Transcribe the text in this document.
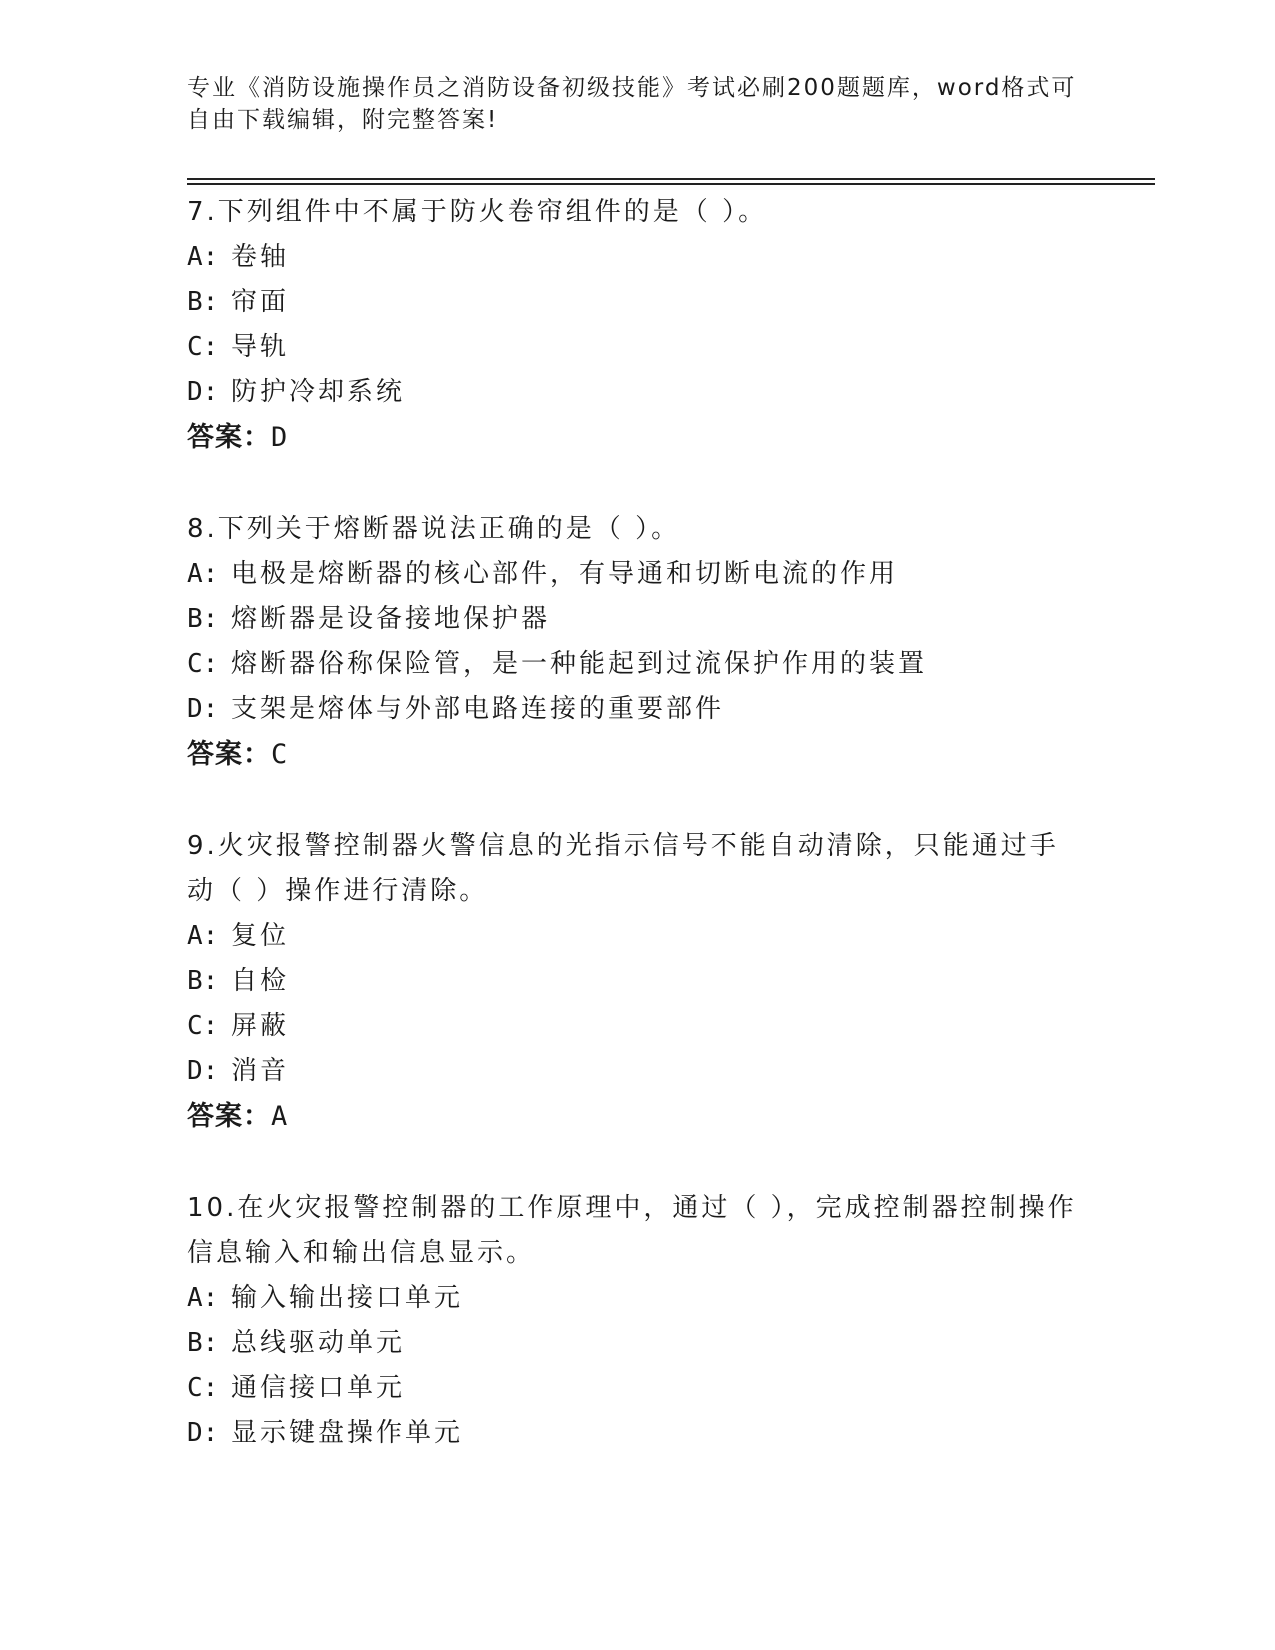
专业《消防设施操作员之消防设备初级技能》考试必刷200题题库，word格式可
自由下载编辑，附完整答案!
7.下列组件中不属于防火卷帘组件的是（ ）。
A: 卷轴
B: 帘面
C: 导轨
D: 防护冷却系统
答案：D
8.下列关于熔断器说法正确的是（ ）。
A: 电极是熔断器的核心部件，有导通和切断电流的作用
B: 熔断器是设备接地保护器
C: 熔断器俗称保险管，是一种能起到过流保护作用的装置
D: 支架是熔体与外部电路连接的重要部件
答案：C
9.火灾报警控制器火警信息的光指示信号不能自动清除，只能通过手动（ ）操作进行清除。
A: 复位
B: 自检
C: 屏蔽
D: 消音
答案：A
10.在火灾报警控制器的工作原理中，通过（ ），完成控制器控制操作信息输入和输出信息显示。
A: 输入输出接口单元
B: 总线驱动单元
C: 通信接口单元
D: 显示键盘操作单元
